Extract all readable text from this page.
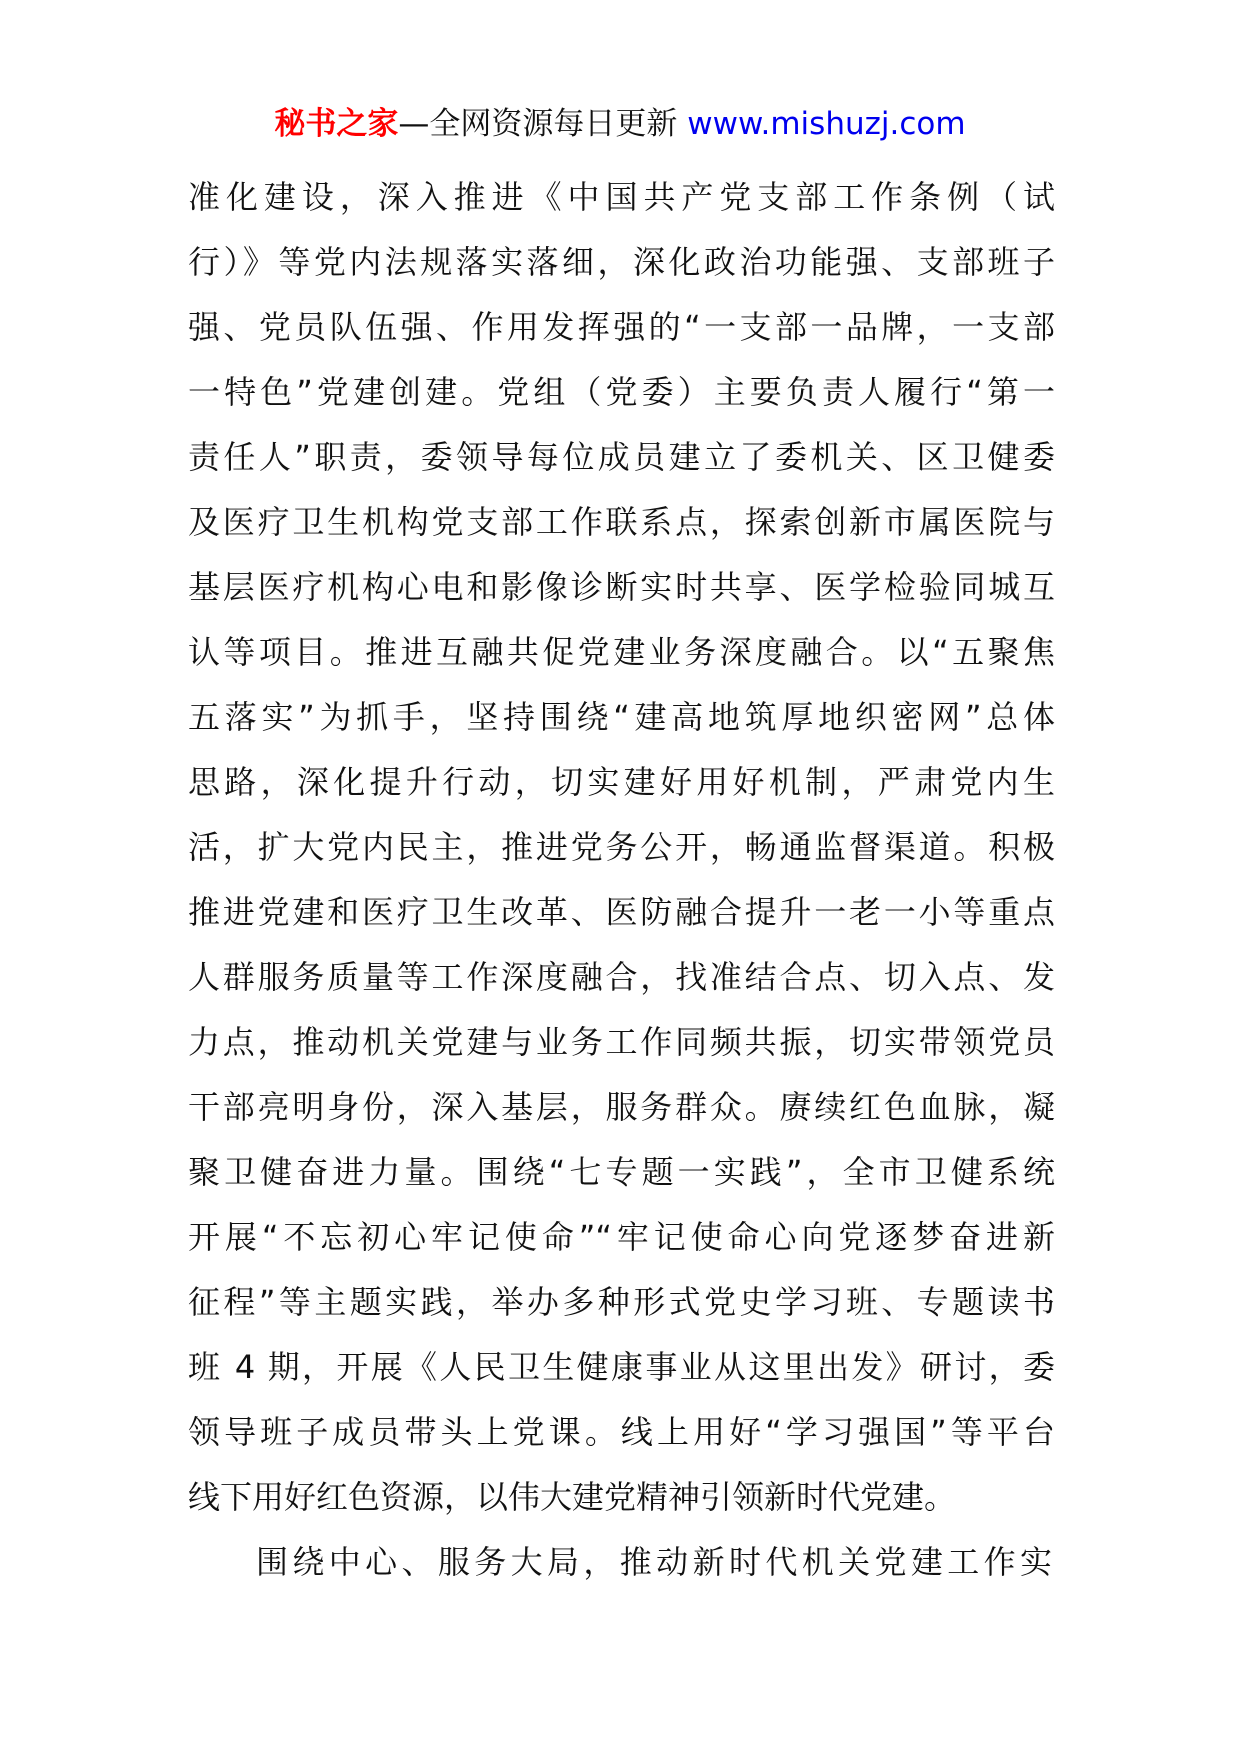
秘书之家—全网资源每日更新 www.mishuzj.com
准化建设，深入推进《中国共产党支部工作条例（试
行）》等党内法规落实落细，深化政治功能强、支部班子
强、党员队伍强、作用发挥强的“一支部一品牌，一支部
一特色”党建创建。党组（党委）主要负责人履行“第一
责任人”职责，委领导每位成员建立了委机关、区卫健委
及医疗卫生机构党支部工作联系点，探索创新市属医院与
基层医疗机构心电和影像诊断实时共享、医学检验同城互
认等项目。推进互融共促党建业务深度融合。以“五聚焦
五落实”为抓手，坚持围绕“建高地筑厚地织密网”总体
思路，深化提升行动，切实建好用好机制，严肃党内生
活，扩大党内民主，推进党务公开，畅通监督渠道。积极
推进党建和医疗卫生改革、医防融合提升一老一小等重点
人群服务质量等工作深度融合，找准结合点、切入点、发
力点，推动机关党建与业务工作同频共振，切实带领党员
干部亮明身份，深入基层，服务群众。赓续红色血脉，凝
聚卫健奋进力量。围绕“七专题一实践”，全市卫健系统
开展“不忘初心牢记使命”“牢记使命心向党逐梦奋进新
征程”等主题实践，举办多种形式党史学习班、专题读书
班 4 期，开展《人民卫生健康事业从这里出发》研讨，委
领导班子成员带头上党课。线上用好“学习强国”等平台
线下用好红色资源，以伟大建党精神引领新时代党建。
围绕中心、服务大局，推动新时代机关党建工作实
